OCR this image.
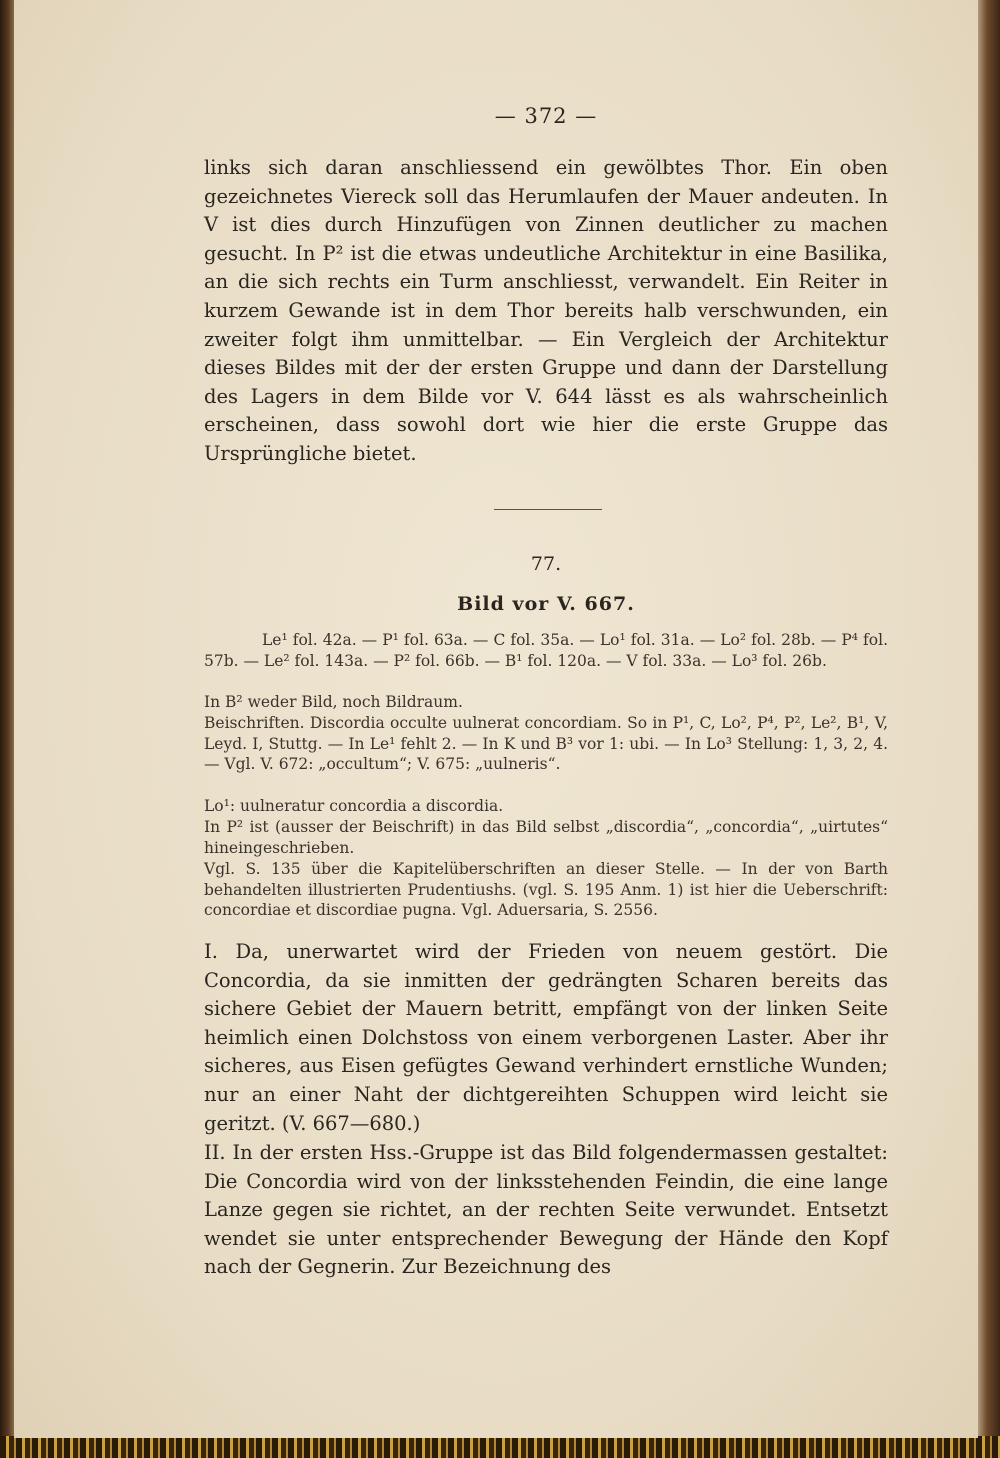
— 372 —

links sich daran anschliessend ein gewölbtes Thor. Ein oben gezeichnetes Viereck soll das Herumlaufen der Mauer andeuten. In V ist dies durch Hinzufügen von Zinnen deutlicher zu machen gesucht. In P² ist die etwas undeutliche Architektur in eine Basilika, an die sich rechts ein Turm anschliesst, verwandelt. Ein Reiter in kurzem Gewande ist in dem Thor bereits halb verschwunden, ein zweiter folgt ihm unmittelbar. — Ein Vergleich der Architektur dieses Bildes mit der der ersten Gruppe und dann der Darstellung des Lagers in dem Bilde vor V. 644 lässt es als wahrscheinlich erscheinen, dass sowohl dort wie hier die erste Gruppe das Ursprüngliche bietet.

77.
Bild vor V. 667.

Le¹ fol. 42a. — P¹ fol. 63a. — C fol. 35a. — Lo¹ fol. 31a. — Lo² fol. 28b. — P⁴ fol. 57b. — Le² fol. 143a. — P² fol. 66b. — B¹ fol. 120a. — V fol. 33a. — Lo³ fol. 26b.

In B² weder Bild, noch Bildraum.

Beischriften. Discordia occulte uulnerat concordiam. So in P¹, C, Lo², P⁴, P², Le², B¹, V, Leyd. I, Stuttg. — In Le¹ fehlt 2. — In K und B³ vor 1: ubi. — In Lo³ Stellung: 1, 3, 2, 4. — Vgl. V. 672: „occultum“; V. 675: „uulneris“.

Lo¹: uulneratur concordia a discordia.

In P² ist (ausser der Beischrift) in das Bild selbst „discordia“, „concordia“, „uirtutes“ hineingeschrieben.

Vgl. S. 135 über die Kapitelüberschriften an dieser Stelle. — In der von Barth behandelten illustrierten Prudentiushs. (vgl. S. 195 Anm. 1) ist hier die Ueberschrift: concordiae et discordiae pugna. Vgl. Aduersaria, S. 2556.

I. Da, unerwartet wird der Frieden von neuem gestört. Die Concordia, da sie inmitten der gedrängten Scharen bereits das sichere Gebiet der Mauern betritt, empfängt von der linken Seite heimlich einen Dolchstoss von einem verborgenen Laster. Aber ihr sicheres, aus Eisen gefügtes Gewand verhindert ernstliche Wunden; nur an einer Naht der dichtgereihten Schuppen wird leicht sie geritzt. (V. 667—680.)

II. In der ersten Hss.-Gruppe ist das Bild folgendermassen gestaltet: Die Concordia wird von der linksstehenden Feindin, die eine lange Lanze gegen sie richtet, an der rechten Seite verwundet. Entsetzt wendet sie unter entsprechender Bewegung der Hände den Kopf nach der Gegnerin. Zur Bezeichnung des
